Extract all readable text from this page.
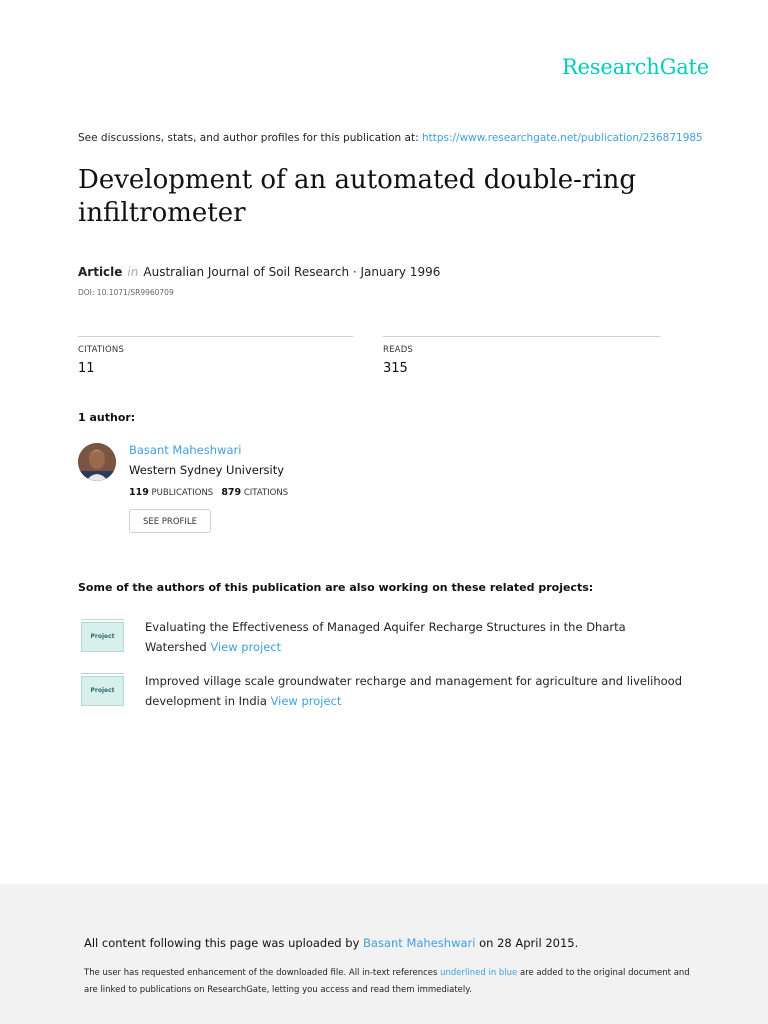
ResearchGate
See discussions, stats, and author profiles for this publication at: https://www.researchgate.net/publication/236871985
Development of an automated double-ring infiltrometer
Article in Australian Journal of Soil Research · January 1996
DOI: 10.1071/SR9960709
CITATIONS
11
READS
315
1 author:
Basant Maheshwari
Western Sydney University
119 PUBLICATIONS 879 CITATIONS
SEE PROFILE
Some of the authors of this publication are also working on these related projects:
Project
Evaluating the Effectiveness of Managed Aquifer Recharge Structures in the Dharta Watershed View project
Project
Improved village scale groundwater recharge and management for agriculture and livelihood development in India View project
All content following this page was uploaded by Basant Maheshwari on 28 April 2015.
The user has requested enhancement of the downloaded file. All in-text references underlined in blue are added to the original document and are linked to publications on ResearchGate, letting you access and read them immediately.
